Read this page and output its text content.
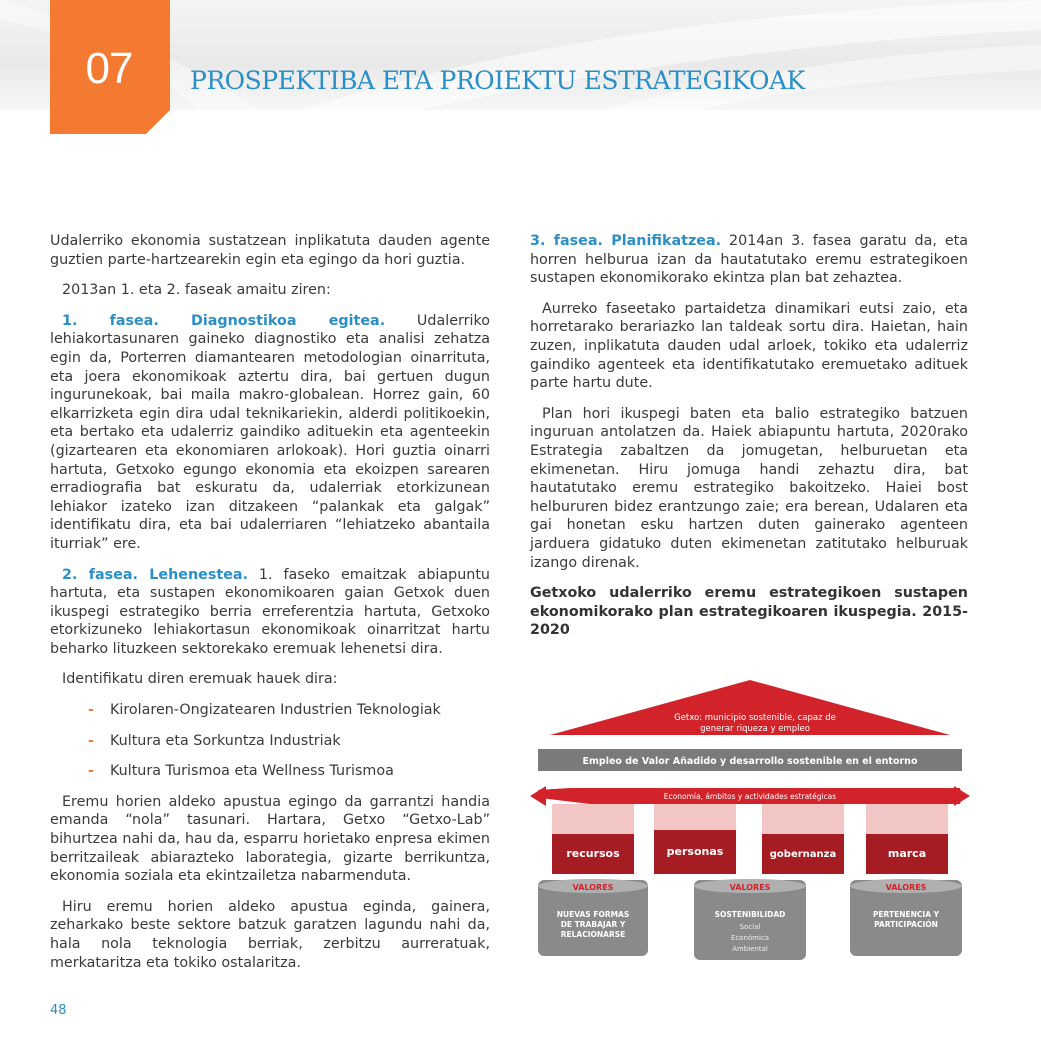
07	PROSPEKTIBA ETA PROIEKTU ESTRATEGIKOAK

Udalerriko ekonomia sustatzean inplikatuta dauden agente guztien parte-hartzearekin egin eta egingo da hori guztia.

2013an 1. eta 2. faseak amaitu ziren:

1. fasea. Diagnostikoa egitea. Udalerriko lehiakortasunaren gaineko diagnostiko eta analisi zehatza egin da, Porterren diamantearen metodologian oinarrituta, eta joera ekonomikoak aztertu dira, bai gertuen dugun ingurunekoak, bai maila makro-globalean. Horrez gain, 60 elkarrizketa egin dira udal teknikariekin, alderdi politikoekin, eta bertako eta udalerriz gaindiko adituekin eta agenteekin (gizartearen eta ekonomiaren arlokoak). Hori guztia oinarri hartuta, Getxoko egungo ekonomia eta ekoizpen sarearen erradiografia bat eskuratu da, udalerriak etorkizunean lehiakor izateko izan ditzakeen “palankak eta galgak” identifikatu dira, eta bai udalerriaren “lehiatzeko abantaila iturriak” ere.

2. fasea. Lehenestea. 1. faseko emaitzak abiapuntu hartuta, eta sustapen ekonomikoaren gaian Getxok duen ikuspegi estrategiko berria erreferentzia hartuta, Getxoko etorkizuneko lehiakortasun ekonomikoak oinarritzat hartu beharko lituzkeen sektorekako eremuak lehenetsi dira.

Identifikatu diren eremuak hauek dira:

- Kirolaren-Ongizatearen Industrien Teknologiak
- Kultura eta Sorkuntza Industriak
- Kultura Turismoa eta Wellness Turismoa

Eremu horien aldeko apustua egingo da garrantzi handia emanda “nola” tasunari. Hartara, Getxo “Getxo-Lab” bihurtzea nahi da, hau da, esparru horietako enpresa ekimen berritzaileak abiarazteko laborategia, gizarte berrikuntza, ekonomia soziala eta ekintzailetza nabarmenduta.

Hiru eremu horien aldeko apustua eginda, gainera, zeharkako beste sektore batzuk garatzen lagundu nahi da, hala nola teknologia berriak, zerbitzu aurreratuak, merkataritza eta tokiko ostalaritza.

3. fasea. Planifikatzea. 2014an 3. fasea garatu da, eta horren helburua izan da hautatutako eremu estrategikoen sustapen ekonomikorako ekintza plan bat zehaztea.

Aurreko faseetako partaidetza dinamikari eutsi zaio, eta horretarako berariazko lan taldeak sortu dira. Haietan, hain zuzen, inplikatuta dauden udal arloek, tokiko eta udalerriz gaindiko agenteek eta identifikatutako eremuetako adituek parte hartu dute.

Plan hori ikuspegi baten eta balio estrategiko batzuen inguruan antolatzen da. Haiek abiapuntu hartuta, 2020rako Estrategia zabaltzen da jomugetan, helburuetan eta ekimenetan. Hiru jomuga handi zehaztu dira, bat hautatutako eremu estrategiko bakoitzeko. Haiei bost helbururen bidez erantzungo zaie; era berean, Udalaren eta gai honetan esku hartzen duten gainerako agenteen jarduera gidatuko duten ekimenetan zatitutako helburuak izango direnak.

Getxoko udalerriko eremu estrategikoen sustapen ekonomikorako plan estrategikoaren ikuspegia. 2015-2020

Getxo: municipio sostenible, capaz de
generar riqueza y empleo
Empleo de Valor Añadido y desarrollo sostenible en el entorno
Economía, ámbitos y actividades estratégicas
recursos	personas	gobernanza	marca
VALORES	VALORES	VALORES
NUEVAS FORMAS
DE TRABAJAR Y
RELACIONARSE
SOSTENIBILIDAD
Social
Económica
Ambiental
PERTENENCIA Y
PARTICIPACIÓN
48
